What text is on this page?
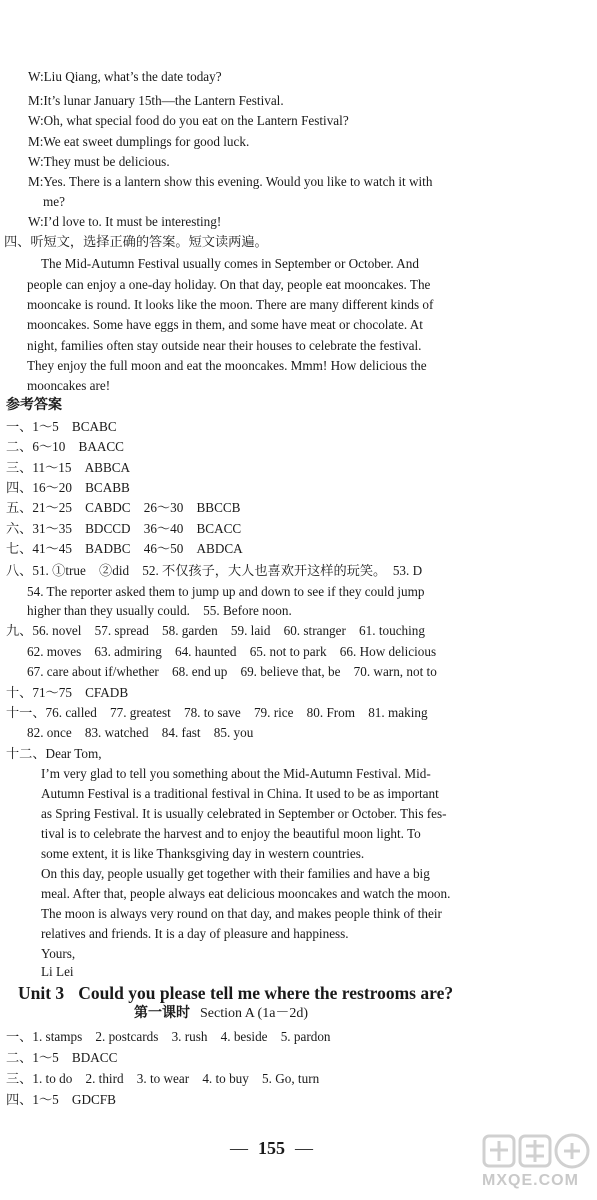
W:Liu Qiang, what’s the date today?
M:It’s lunar January 15th—the Lantern Festival.
W:Oh, what special food do you eat on the Lantern Festival?
M:We eat sweet dumplings for good luck.
W:They must be delicious.
M:Yes. There is a lantern show this evening. Would you like to watch it with
me?
W:I’d love to. It must be interesting!
四、听短文，选择正确的答案。短文读两遍。
The Mid-Autumn Festival usually comes in September or October. And
people can enjoy a one-day holiday. On that day, people eat mooncakes. The
mooncake is round. It looks like the moon. There are many different kinds of
mooncakes. Some have eggs in them, and some have meat or chocolate. At
night, families often stay outside near their houses to celebrate the festival.
They enjoy the full moon and eat the mooncakes. Mmm! How delicious the
mooncakes are!
参考答案
一、1～5　BCABC
二、6～10　BAACC
三、11～15　ABBCA
四、16～20　BCABB
五、21～25　CABDC　26～30　BBCCB
六、31～35　BDCCD　36～40　BCACC
七、41～45　BADBC　46～50　ABDCA
八、51. ①true　②did　52. 不仅孩子，大人也喜欢开这样的玩笑。　53. D
54. The reporter asked them to jump up and down to see if they could jump
higher than they usually could.　55. Before noon.
九、56. novel　57. spread　58. garden　59. laid　60. stranger　61. touching
62. moves　63. admiring　64. haunted　65. not to park　66. How delicious
67. care about if/whether　68. end up　69. believe that, be　70. warn, not to
十、71～75　CFADB
十一、76. called　77. greatest　78. to save　79. rice　80. From　81. making
82. once　83. watched　84. fast　85. you
十二、Dear Tom,
I’m very glad to tell you something about the Mid-Autumn Festival. Mid-
Autumn Festival is a traditional festival in China. It used to be as important
as Spring Festival. It is usually celebrated in September or October. This fes-
tival is to celebrate the harvest and to enjoy the beautiful moon light. To
some extent, it is like Thanksgiving day in western countries.
On this day, people usually get together with their families and have a big
meal. After that, people always eat delicious mooncakes and watch the moon.
The moon is always very round on that day, and makes people think of their
relatives and friends. It is a day of pleasure and happiness.
Yours,
Li Lei
Unit 3 Could you please tell me where the restrooms are?
第一课时 Section A (1a－2d)
一、1. stamps　2. postcards　3. rush　4. beside　5. pardon
二、1～5　BDACC
三、1. to do　2. third　3. to wear　4. to buy　5. Go, turn
四、1～5　GDCFB
— 155 —
MXQE.COM
